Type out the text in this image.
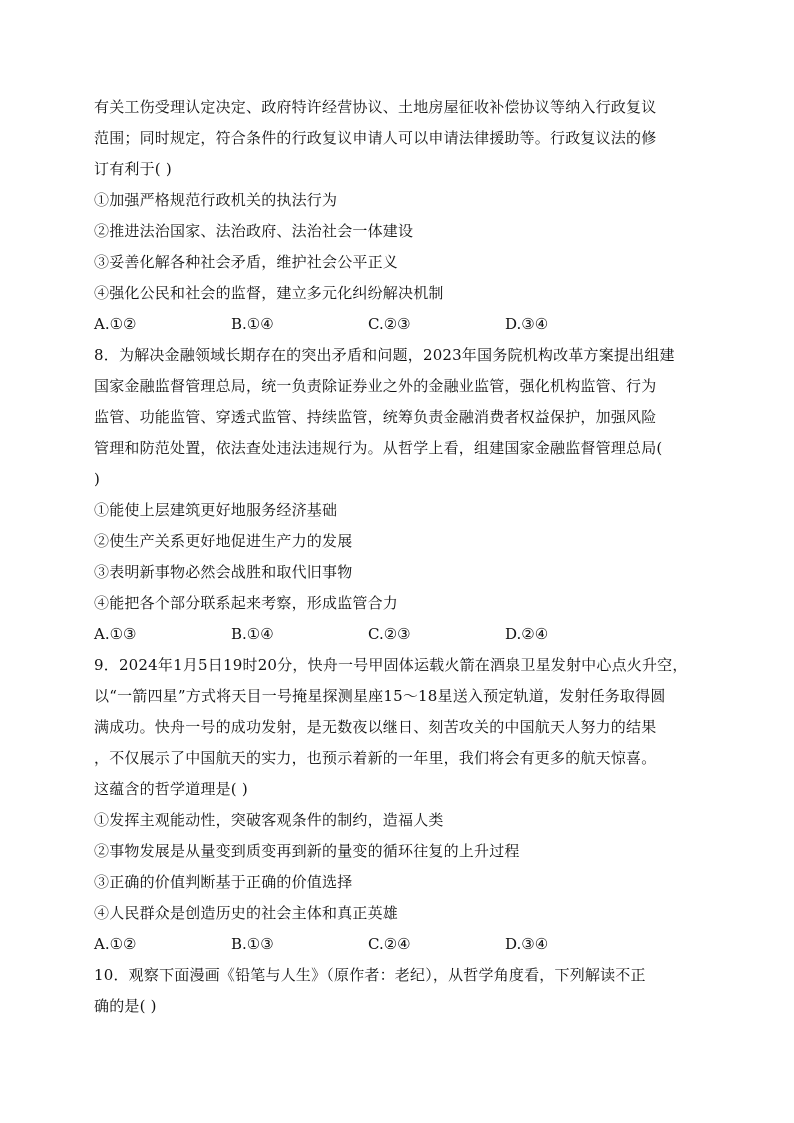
有关工伤受理认定决定、政府特许经营协议、土地房屋征收补偿协议等纳入行政复议
范围；同时规定，符合条件的行政复议申请人可以申请法律援助等。行政复议法的修
订有利于( )
①加强严格规范行政机关的执法行为
②推进法治国家、法治政府、法治社会一体建设
③妥善化解各种社会矛盾，维护社会公平正义
④强化公民和社会的监督，建立多元化纠纷解决机制
A.①②	B.①④	C.②③	D.③④
8．为解决金融领域长期存在的突出矛盾和问题，2023年国务院机构改革方案提出组建
国家金融监督管理总局，统一负责除证券业之外的金融业监管，强化机构监管、行为
监管、功能监管、穿透式监管、持续监管，统筹负责金融消费者权益保护，加强风险
管理和防范处置，依法查处违法违规行为。从哲学上看，组建国家金融监督管理总局(
)
①能使上层建筑更好地服务经济基础
②使生产关系更好地促进生产力的发展
③表明新事物必然会战胜和取代旧事物
④能把各个部分联系起来考察，形成监管合力
A.①③	B.①④	C.②③	D.②④
9．2024年1月5日19时20分，快舟一号甲固体运载火箭在酒泉卫星发射中心点火升空，
以“一箭四星”方式将天目一号掩星探测星座15～18星送入预定轨道，发射任务取得圆
满成功。快舟一号的成功发射，是无数夜以继日、刻苦攻关的中国航天人努力的结果
，不仅展示了中国航天的实力，也预示着新的一年里，我们将会有更多的航天惊喜。
这蕴含的哲学道理是( )
①发挥主观能动性，突破客观条件的制约，造福人类
②事物发展是从量变到质变再到新的量变的循环往复的上升过程
③正确的价值判断基于正确的价值选择
④人民群众是创造历史的社会主体和真正英雄
A.①②	B.①③	C.②④	D.③④
10．观察下面漫画《铅笔与人生》（原作者：老纪），从哲学角度看，下列解读不正
确的是( )
